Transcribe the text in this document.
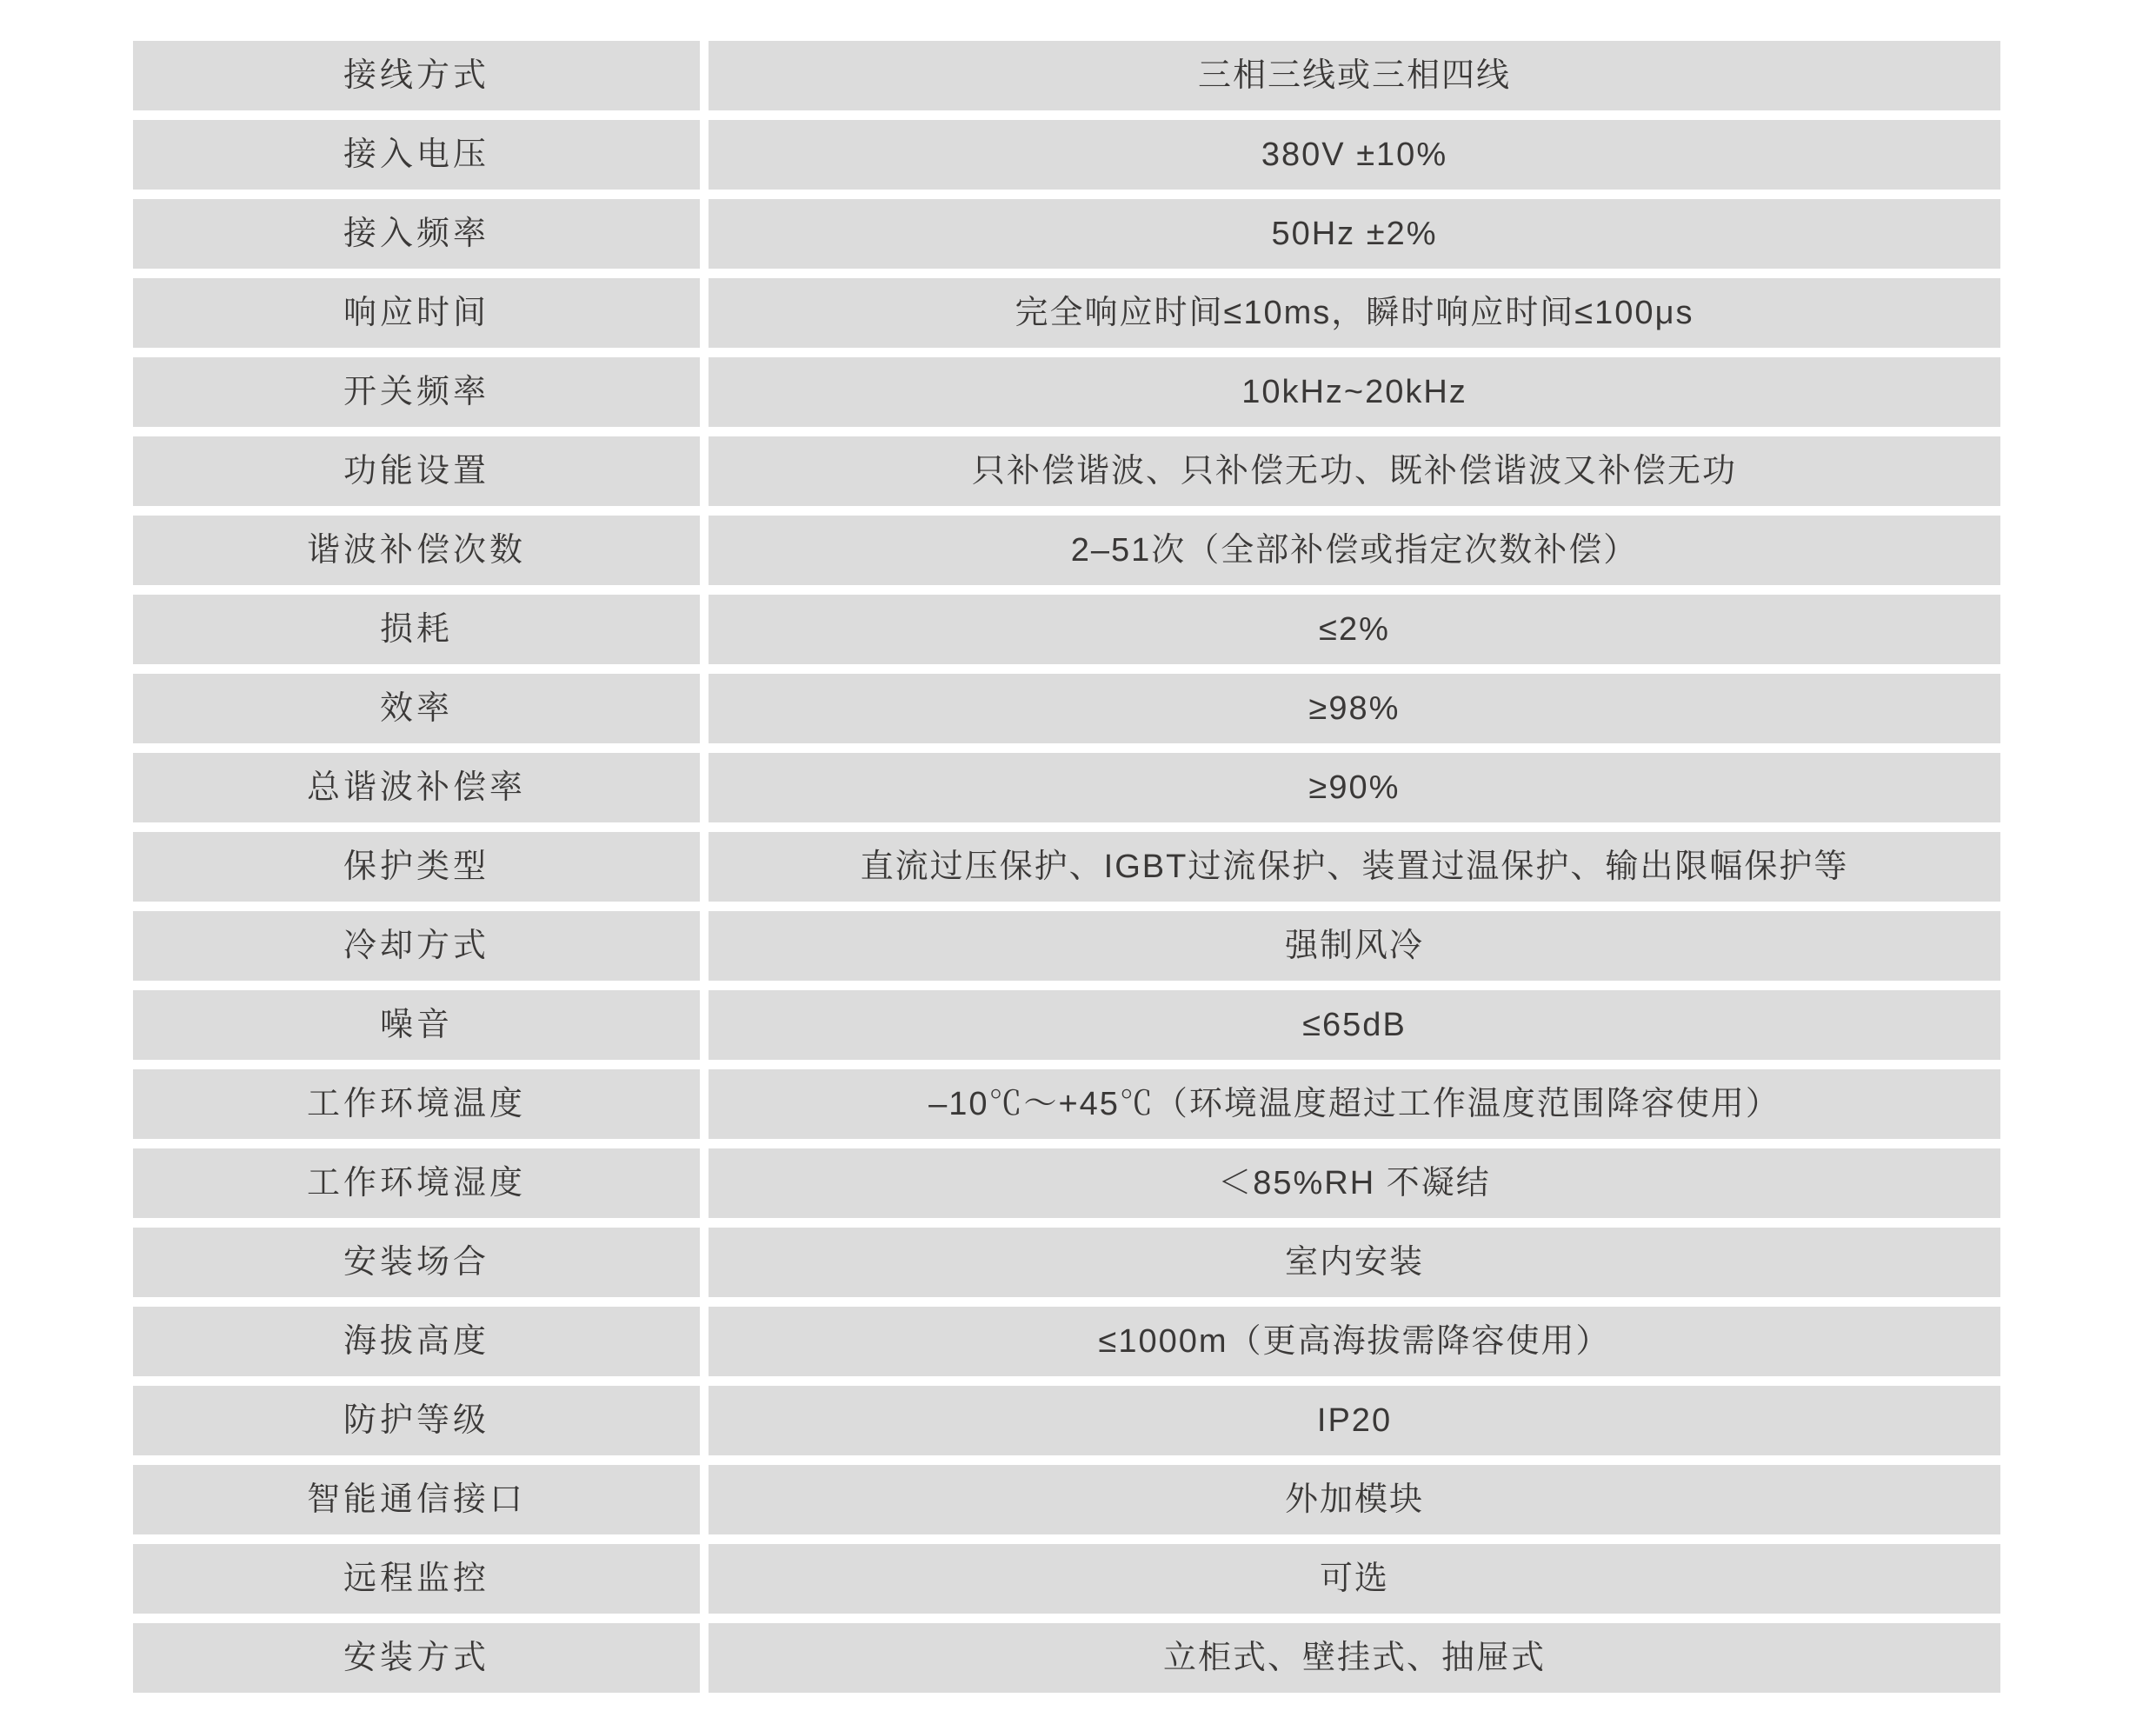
接线方式	三相三线或三相四线
接入电压	380V ±10%
接入频率	50Hz ±2%
响应时间	完全响应时间≤10ms，瞬时响应时间≤100μs
开关频率	10kHz~20kHz
功能设置	只补偿谐波、只补偿无功、既补偿谐波又补偿无功
谐波补偿次数	2–51次（全部补偿或指定次数补偿）
损耗	≤2%
效率	≥98%
总谐波补偿率	≥90%
保护类型	直流过压保护、IGBT过流保护、装置过温保护、输出限幅保护等
冷却方式	强制风冷
噪音	≤65dB
工作环境温度	–10℃～+45℃（环境温度超过工作温度范围降容使用）
工作环境湿度	＜85%RH 不凝结
安装场合	室内安装
海拔高度	≤1000m（更高海拔需降容使用）
防护等级	IP20
智能通信接口	外加模块
远程监控	可选
安装方式	立柜式、壁挂式、抽屉式
